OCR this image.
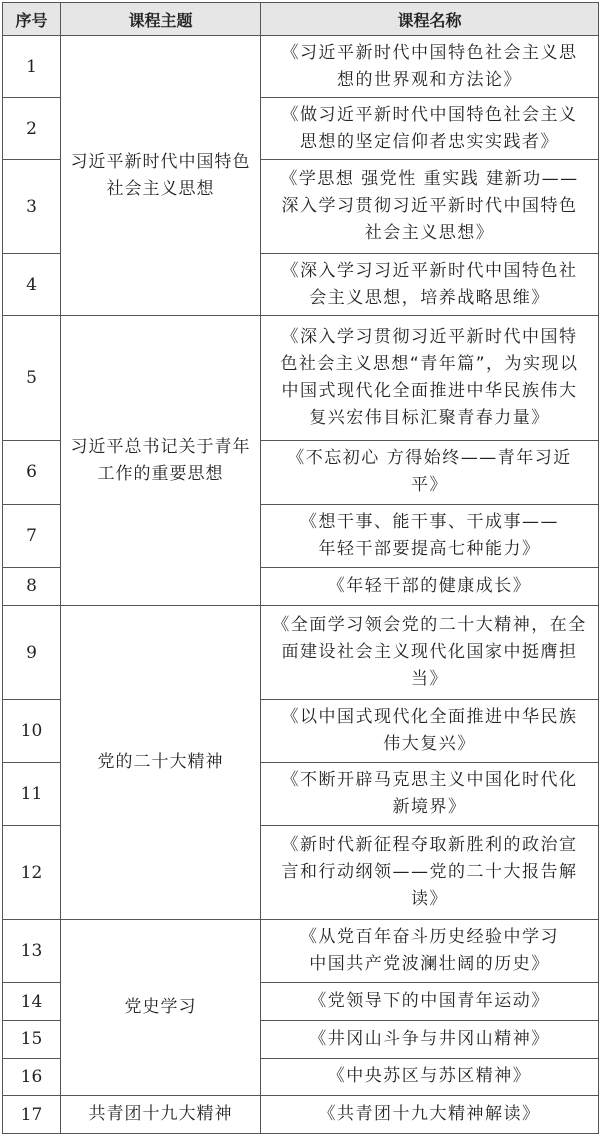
序号	课程主题	课程名称
1	习近平新时代中国特色社会主义思想	《习近平新时代中国特色社会主义思
想的世界观和方法论》

2		《做习近平新时代中国特色社会主义
思想的坚定信仰者忠实实践者》

3		《学思想 强党性 重实践 建新功——
深入学习贯彻习近平新时代中国特色
社会主义思想》

4		《深入学习习近平新时代中国特色社
会主义思想，培养战略思维》

5	习近平总书记关于青年工作的重要思想	《深入学习贯彻习近平新时代中国特
色社会主义思想“青年篇”，为实现以
中国式现代化全面推进中华民族伟大
复兴宏伟目标汇聚青春力量》

6		《不忘初心 方得始终——青年习近
平》

7		《想干事、能干事、干成事——
年轻干部要提高七种能力》

8		《年轻干部的健康成长》

9	党的二十大精神	《全面学习领会党的二十大精神，在全
面建设社会主义现代化国家中挺膺担
当》

10		《以中国式现代化全面推进中华民族
伟大复兴》

11		《不断开辟马克思主义中国化时代化
新境界》

12		《新时代新征程夺取新胜利的政治宣
言和行动纲领——党的二十大报告解
读》

13	党史学习	《从党百年奋斗历史经验中学习
中国共产党波澜壮阔的历史》

14		《党领导下的中国青年运动》

15		《井冈山斗争与井冈山精神》

16		《中央苏区与苏区精神》

17	共青团十九大精神	《共青团十九大精神解读》
